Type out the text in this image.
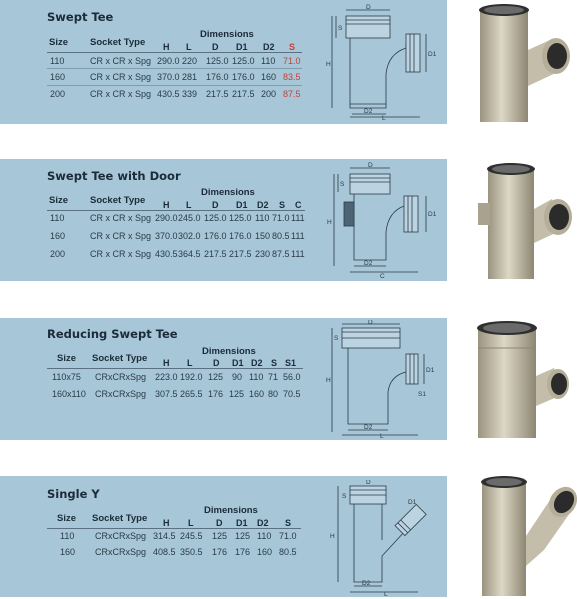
Swept Tee
Dimensions
Size Socket Type H L D D1 D2 S
110	CR x CR x Spg 290.0 220 125.0 125.0 110 71.0
160	CR x CR x Spg 370.0 281 176.0 176.0 160 83.5
200	CR x CR x Spg 430.5 339 217.5 217.5 200 87.5
D
S
D1
H
D2
L
Swept Tee with Door
Dimensions
Size Socket Type H L D D1 D2 S C
110	CR x CR x Spg 290.0 245.0 125.0 125.0 110 71.0 111
160	CR x CR x Spg 370.0 302.0 176.0 176.0 150 80.5 111
200	CR x CR x Spg 430.5 364.5 217.5 217.5 230 87.5 111
D
S
D1
H
D2
C
Reducing Swept Tee
Dimensions
Size Socket Type H L D D1 D2 S S1
110x75 CRxCRxSpg 223.0 192.0 125 90 110 71 56.0
160x110 CRxCRxSpg 307.5 265.5 176 125 160 80 70.5
D
S
D1
H
S1
D2
L
Single Y
Dimensions
Size Socket Type H L	D D1 D2 S
110 CRxCRxSpg 314.5 245.5 125 125 110 71.0
160 CRxCRxSpg 408.5 350.5 176 176 160 80.5
S
D
D1
H
D2
L
